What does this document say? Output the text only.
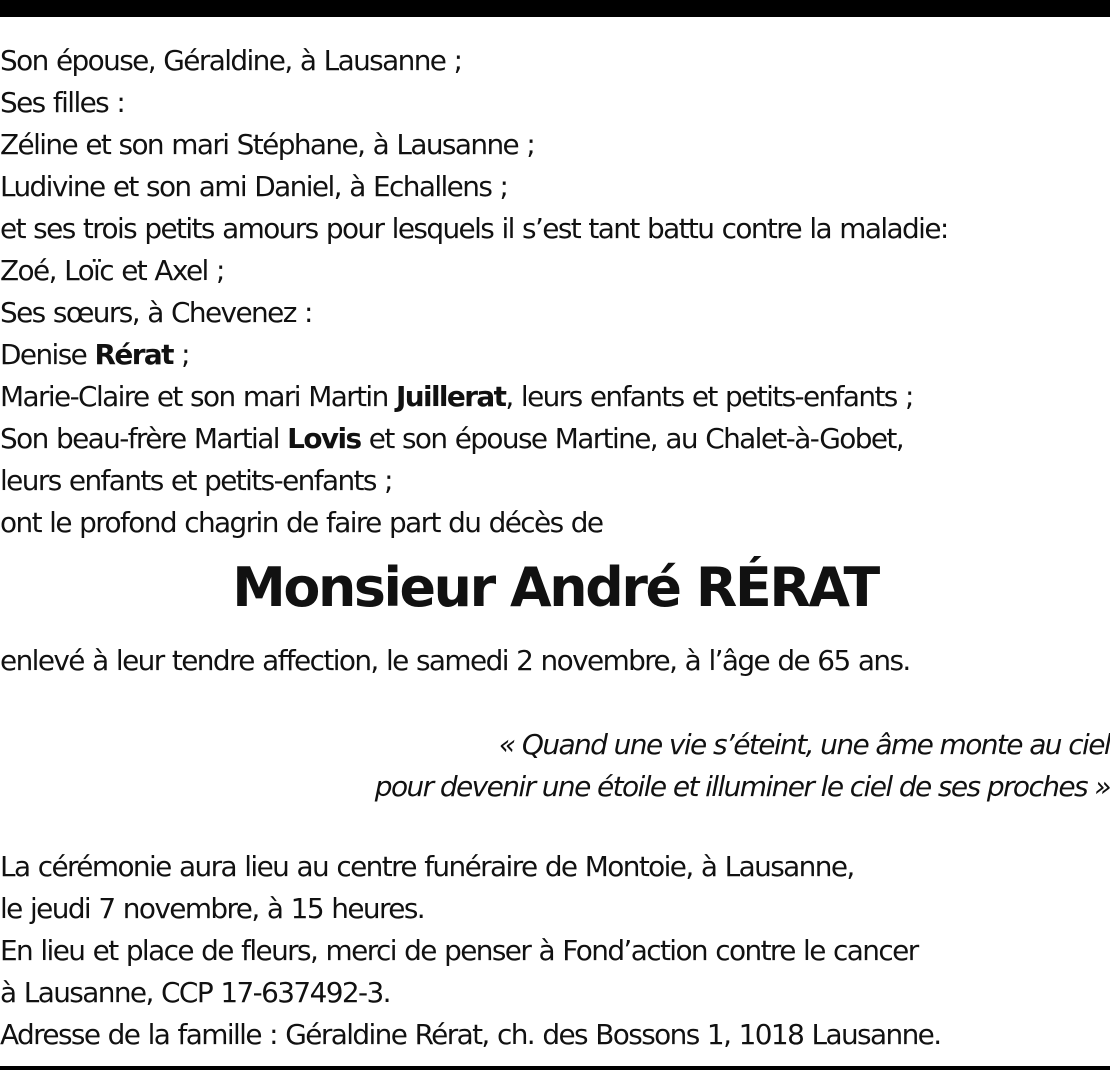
Son épouse, Géraldine, à Lausanne ;
Ses filles :
Zéline et son mari Stéphane, à Lausanne ;
Ludivine et son ami Daniel, à Echallens ;
et ses trois petits amours pour lesquels il s’est tant battu contre la maladie:
Zoé, Loïc et Axel ;
Ses sœurs, à Chevenez :
Denise Rérat ;
Marie-Claire et son mari Martin Juillerat, leurs enfants et petits-enfants ;
Son beau-frère Martial Lovis et son épouse Martine, au Chalet-à-Gobet,
leurs enfants et petits-enfants ;
ont le profond chagrin de faire part du décès de
Monsieur André RÉRAT
enlevé à leur tendre affection, le samedi 2 novembre, à l’âge de 65 ans.
« Quand une vie s’éteint, une âme monte au ciel
pour devenir une étoile et illuminer le ciel de ses proches »
La cérémonie aura lieu au centre funéraire de Montoie, à Lausanne,
le jeudi 7 novembre, à 15 heures.
En lieu et place de fleurs, merci de penser à Fond’action contre le cancer
à Lausanne, CCP 17-637492-3.
Adresse de la famille : Géraldine Rérat, ch. des Bossons 1, 1018 Lausanne.
